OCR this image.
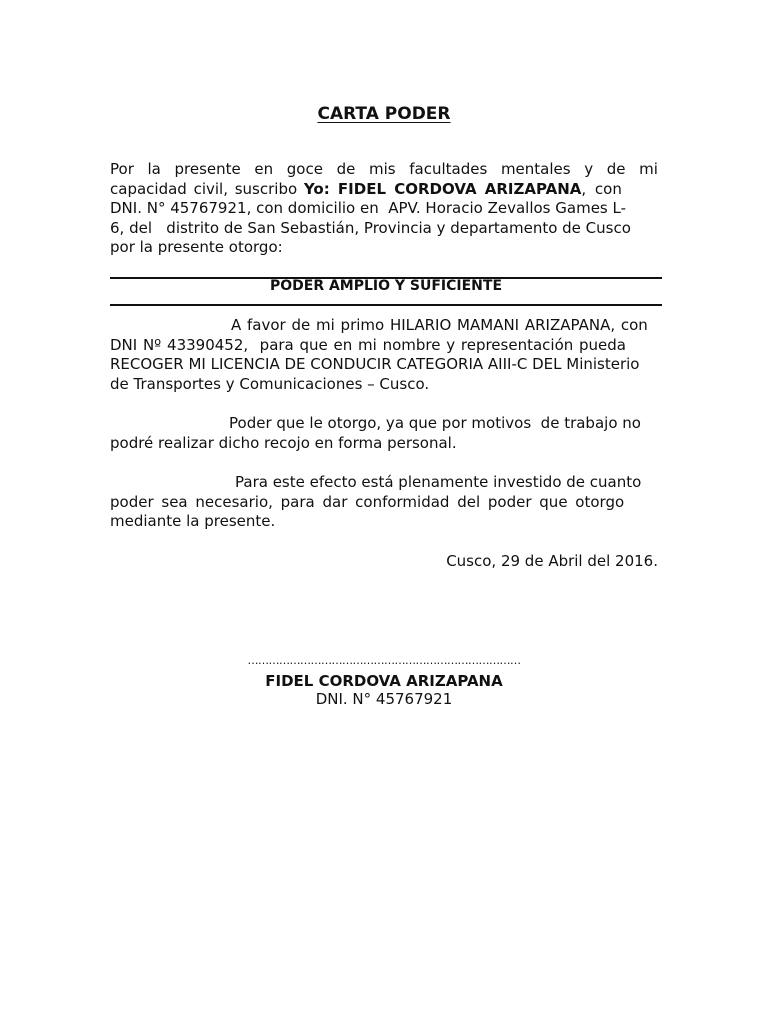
CARTA PODER
Por la presente en goce de mis facultades mentales y de mi
capacidad civil, suscribo Yo: FIDEL CORDOVA ARIZAPANA, con
DNI. N° 45767921, con domicilio en  APV. Horacio Zevallos Games L-
6, del   distrito de San Sebastián, Provincia y departamento de Cusco
por la presente otorgo:
PODER AMPLIO Y SUFICIENTE
A favor de mi primo HILARIO MAMANI ARIZAPANA, con
DNI Nº 43390452,  para que en mi nombre y representación pueda
RECOGER MI LICENCIA DE CONDUCIR CATEGORIA AIII-C DEL Ministerio
de Transportes y Comunicaciones – Cusco.
Poder que le otorgo, ya que por motivos  de trabajo no
podré realizar dicho recojo en forma personal.
Para este efecto está plenamente investido de cuanto
poder sea necesario, para dar conformidad del poder que otorgo
mediante la presente.
Cusco, 29 de Abril del 2016.
……………………………………………………………………
FIDEL CORDOVA ARIZAPANA
DNI. N° 45767921
